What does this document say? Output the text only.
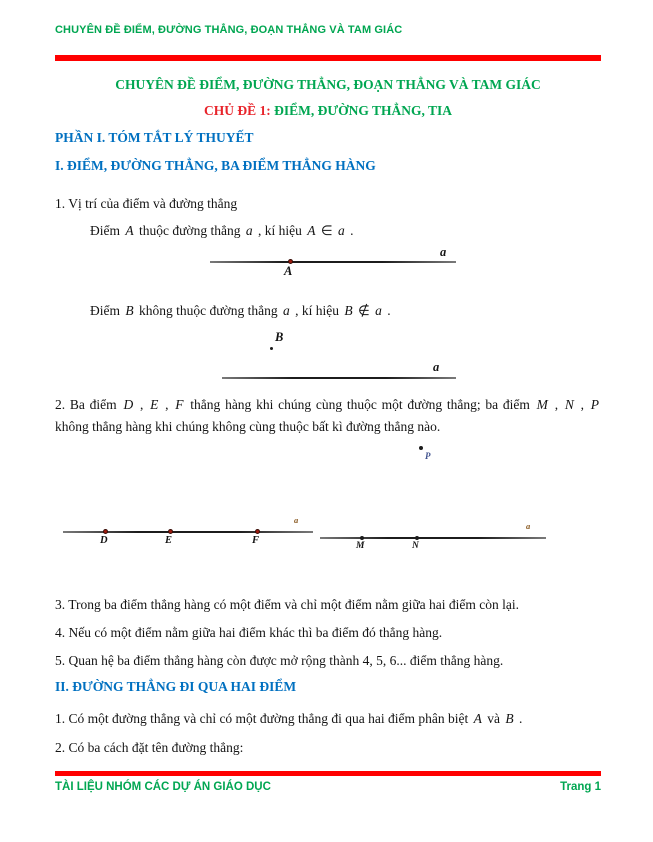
CHUYÊN ĐỀ ĐIỂM, ĐƯỜNG THẲNG, ĐOẠN THẲNG VÀ TAM GIÁC
CHUYÊN ĐỀ ĐIỂM, ĐƯỜNG THẲNG, ĐOẠN THẲNG VÀ TAM GIÁC
CHỦ ĐỀ 1: ĐIỂM, ĐƯỜNG THẲNG, TIA
PHẦN I. TÓM TẮT LÝ THUYẾT
I. ĐIỂM, ĐƯỜNG THẲNG, BA ĐIỂM THẲNG HÀNG
1. Vị trí của điểm và đường thẳng
Điểm A thuộc đường thẳng a , kí hiệu A ∈ a .
a
A
Điểm B không thuộc đường thẳng a , kí hiệu B ∉ a .
B
a
2. Ba điểm D , E , F thẳng hàng khi chúng cùng thuộc một đường thẳng; ba điểm M , N , P không thẳng hàng khi chúng không cùng thuộc bất kì đường thẳng nào.
P
a
D	E	F
a
M	N
3. Trong ba điểm thẳng hàng có một điểm và chỉ một điểm nằm giữa hai điểm còn lại.
4. Nếu có một điểm nằm giữa hai điểm khác thì ba điểm đó thẳng hàng.
5. Quan hệ ba điểm thẳng hàng còn được mở rộng thành 4, 5, 6... điểm thẳng hàng.
II. ĐƯỜNG THẲNG ĐI QUA HAI ĐIỂM
1. Có một đường thẳng và chỉ có một đường thẳng đi qua hai điểm phân biệt A và B .
2. Có ba cách đặt tên đường thẳng:
TÀI LIỆU NHÓM CÁC DỰ ÁN GIÁO DỤC	Trang 1
